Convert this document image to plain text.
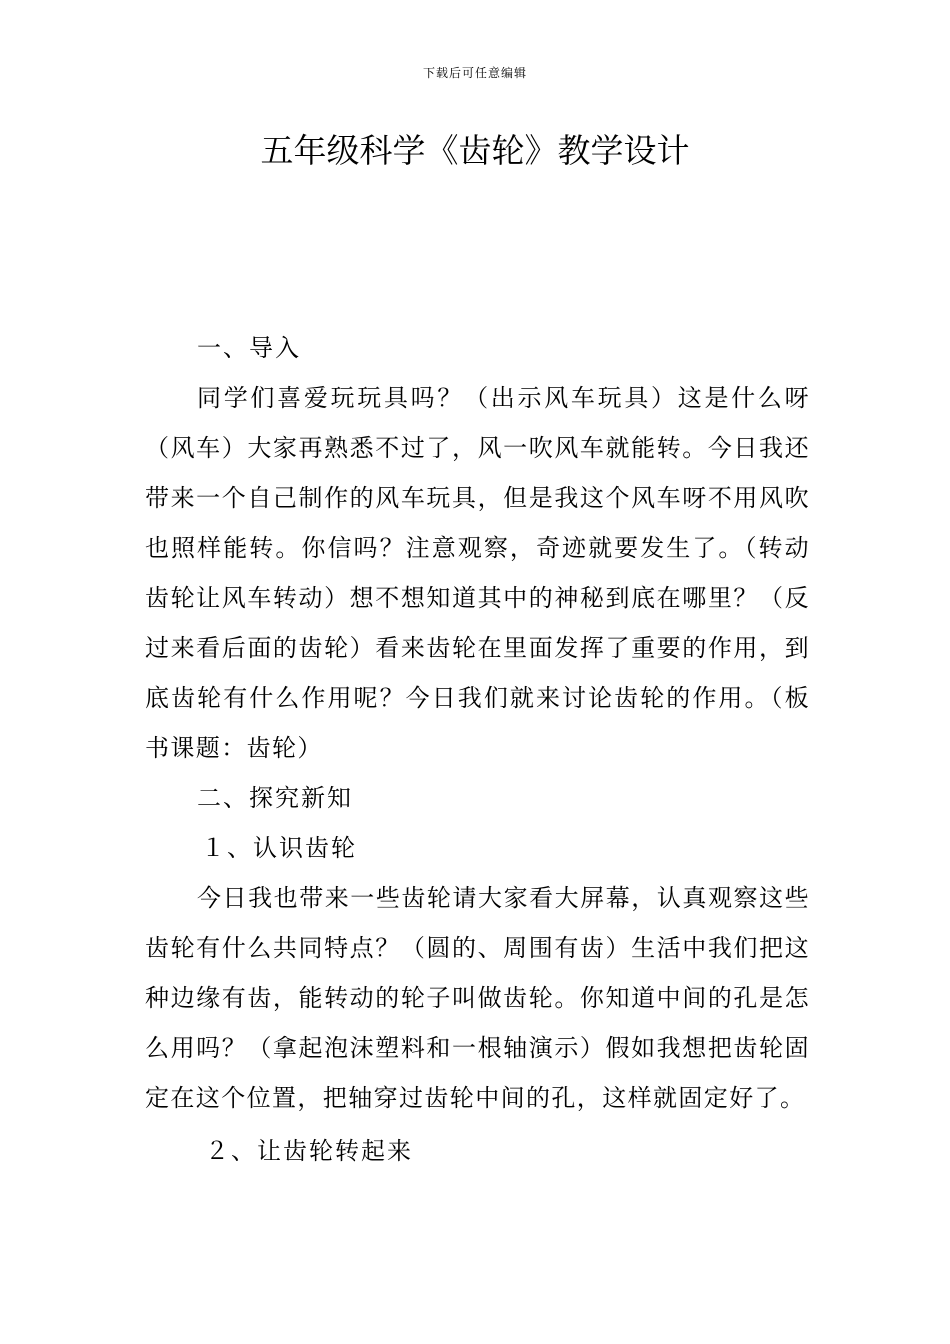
下载后可任意编辑
五年级科学《齿轮》教学设计

一、导入

同学们喜爱玩玩具吗？（出示风车玩具）这是什么呀（风车）大家再熟悉不过了，风一吹风车就能转。今日我还带来一个自己制作的风车玩具，但是我这个风车呀不用风吹也照样能转。你信吗？注意观察，奇迹就要发生了。（转动齿轮让风车转动）想不想知道其中的神秘到底在哪里？（反过来看后面的齿轮）看来齿轮在里面发挥了重要的作用，到底齿轮有什么作用呢？今日我们就来讨论齿轮的作用。（板书课题：齿轮）

二、探究新知

１、认识齿轮

今日我也带来一些齿轮请大家看大屏幕，认真观察这些齿轮有什么共同特点？（圆的、周围有齿）生活中我们把这种边缘有齿，能转动的轮子叫做齿轮。你知道中间的孔是怎么用吗？（拿起泡沫塑料和一根轴演示）假如我想把齿轮固定在这个位置，把轴穿过齿轮中间的孔，这样就固定好了。

２、让齿轮转起来
